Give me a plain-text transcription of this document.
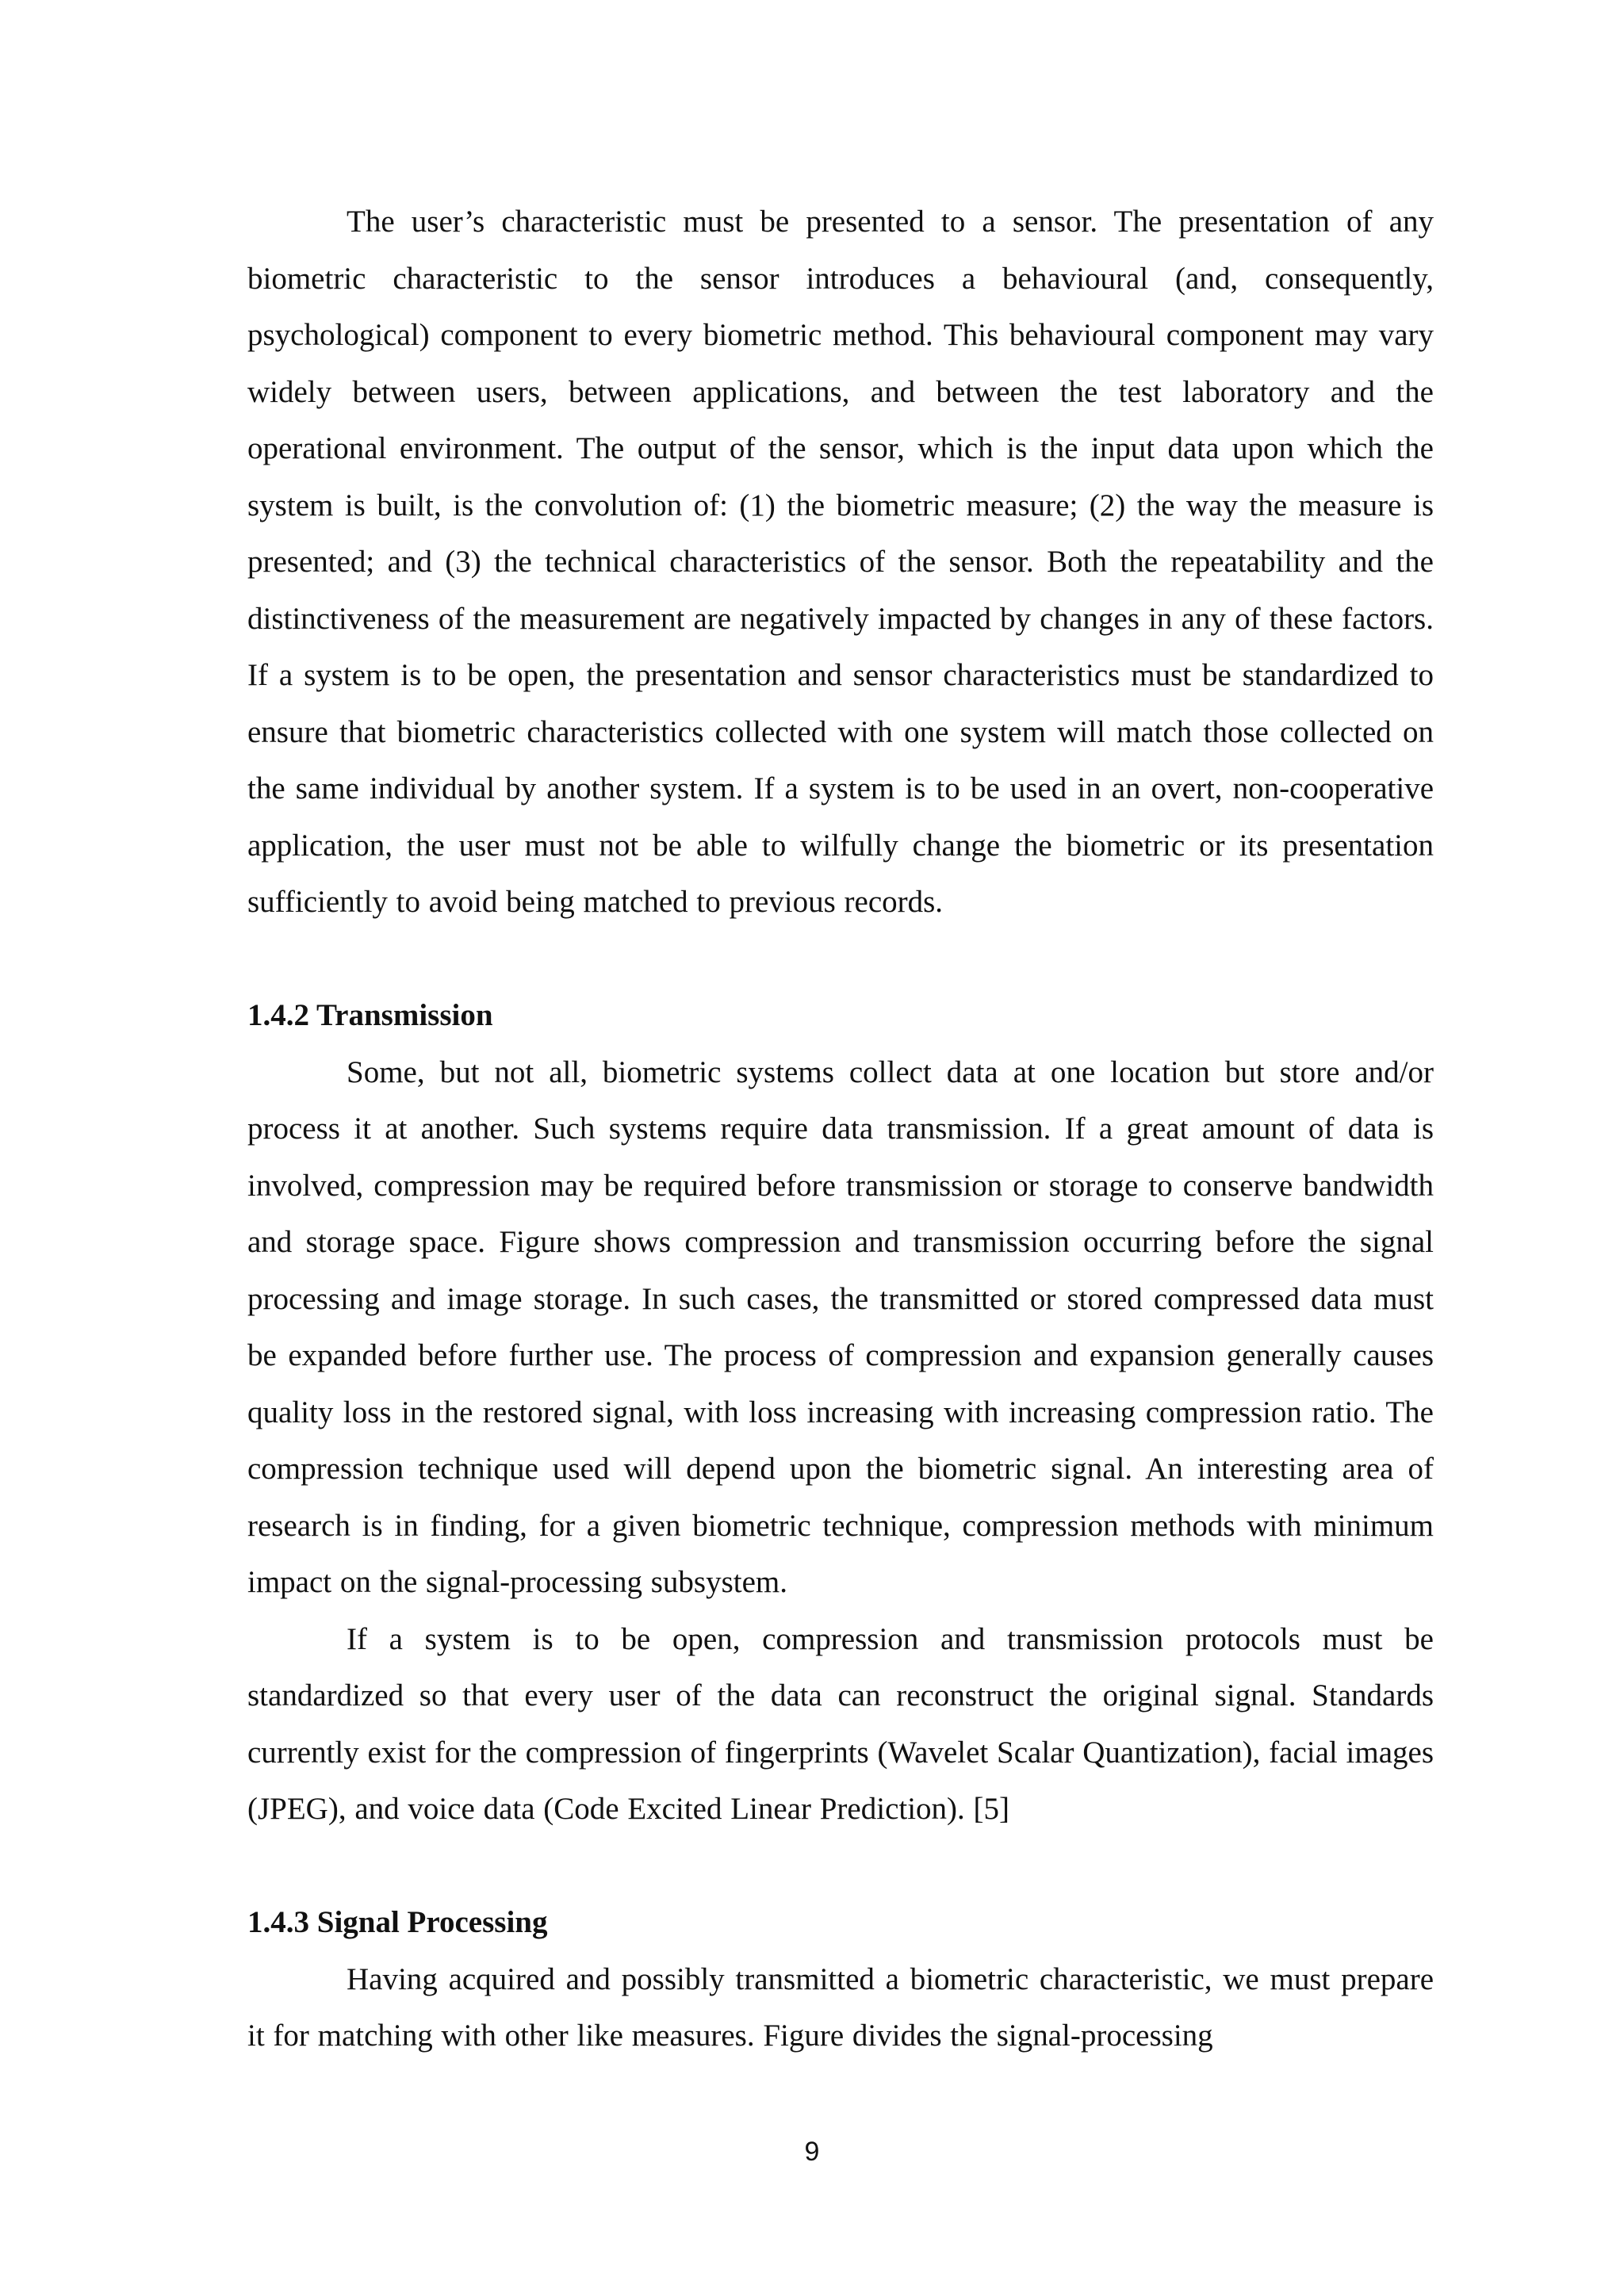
The user’s characteristic must be presented to a sensor. The presentation of any biometric characteristic to the sensor introduces a behavioural (and, consequently, psychological) component to every biometric method. This behavioural component may vary widely between users, between applications, and between the test laboratory and the operational environment. The output of the sensor, which is the input data upon which the system is built, is the convolution of: (1) the biometric measure; (2) the way the measure is presented; and (3) the technical characteristics of the sensor. Both the repeatability and the distinctiveness of the measurement are negatively impacted by changes in any of these factors. If a system is to be open, the presentation and sensor characteristics must be standardized to ensure that biometric characteristics collected with one system will match those collected on the same individual by another system. If a system is to be used in an overt, non-cooperative application, the user must not be able to wilfully change the biometric or its presentation sufficiently to avoid being matched to previous records.

1.4.2 Transmission

Some, but not all, biometric systems collect data at one location but store and/or process it at another. Such systems require data transmission. If a great amount of data is involved, compression may be required before transmission or storage to conserve bandwidth and storage space. Figure shows compression and transmission occurring before the signal processing and image storage. In such cases, the transmitted or stored compressed data must be expanded before further use. The process of compression and expansion generally causes quality loss in the restored signal, with loss increasing with increasing compression ratio. The compression technique used will depend upon the biometric signal. An interesting area of research is in finding, for a given biometric technique, compression methods with minimum impact on the signal-processing subsystem.

If a system is to be open, compression and transmission protocols must be standardized so that every user of the data can reconstruct the original signal. Standards currently exist for the compression of fingerprints (Wavelet Scalar Quantization), facial images (JPEG), and voice data (Code Excited Linear Prediction). [5]

1.4.3 Signal Processing

Having acquired and possibly transmitted a biometric characteristic, we must prepare it for matching with other like measures. Figure divides the signal-processing

9
